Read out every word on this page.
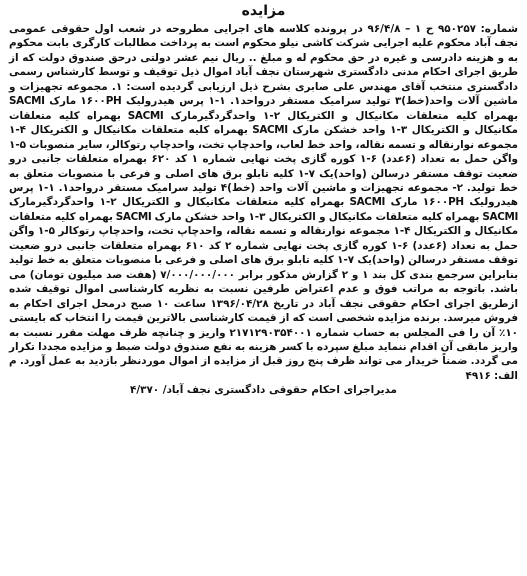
مزایده
شماره: ۹۵۰۲۵۷ ح ۱ – ۹۶/۴/۸ در پرونده کلاسه های اجرایی مطروحه در شعب اول حقوقی عمومی نجف آباد محکوم علیه اجرایی شرکت کاشی نیلو محکوم است به پرداخت مطالبات کارگری بابت محکوم به و هزینه دادرسی و غیره در حق محکوم له و مبلغ .. ریال نیم عشر دولتی درحق صندوق دولت که از طریق اجرای احکام مدنی دادگستری شهرستان نجف آباد اموال ذیل توقیف و توسط کارشناس رسمی دادگستری منتخب آقای مهندس علی صابری بشرح ذیل ارزیابی گردیده است: ۱. مجموعه تجهیزات و ماشین آلات واحد(خط)۳ تولید سرامیک مستقر درواحد۱. ۱-۱ پرس هیدرولیک ۱۶۰۰PH مارک SACMI بهمراه کلیه متعلقات مکانیکال و الکتریکال ۲-۱ واحدگردگیرمارک SACMI بهمراه کلیه متعلقات مکانیکال و الکتریکال ۳-۱ واحد خشکن مارک SACMI بهمراه کلیه متعلقات مکانیکال و الکتریکال ۴-۱ مجموعه نوارنقاله و تسمه نقاله، واحد خط لعاب، واحدچاپ تخت، واحدچاپ رتوکالر، سایر منصوبات ۵-۱ واگن حمل به تعداد (۶عدد) ۶-۱ کوره گازی پخت نهایی شماره ۱ کد ۶۲۰ بهمراه متعلقات جانبی درو ضعیت توقف مستقر درسالن (واحد)یک ۷-۱ کلیه تابلو برق های اصلی و فرعی با منصوبات متعلق به خط تولید. ۲- مجموعه تجهیزات و ماشین آلات واحد (خط)۴ تولید سرامیک مستقر درواحد۱. ۱-۱ پرس هیدرولیک ۱۶۰۰PH مارک SACMI بهمراه کلیه متعلقات مکانیکال و الکتریکال ۲-۱ واحدگردگیرمارک SACMI بهمراه کلیه متعلقات مکانیکال و الکتریکال ۳-۱ واحد خشکن مارک SACMI بهمراه کلیه متعلقات مکانیکال و الکتریکال ۴-۱ مجموعه نوارنقاله و تسمه نقاله، واحدچاپ تخت، واحدچاپ رتوکالر ۵-۱ واگن حمل به تعداد (۶عدد) ۶-۱ کوره گازی پخت نهایی شماره ۲ کد ۶۱۰ بهمراه متعلقات جانبی درو ضعیت توقف مستقر درسالن (واحد)یک ۷-۱ کلیه تابلو برق های اصلی و فرعی با منصوبات متعلق به خط تولید بنابراین سرجمع بندی کل بند ۱ و ۲ گزارش مذکور برابر ۷/۰۰۰/۰۰۰/۰۰۰ (هفت صد میلیون تومان) می باشد. باتوجه به مراتب فوق و عدم اعتراض طرفین نسبت به نظریه کارشناسی اموال توقیف شده ازطریق اجرای احکام حقوقی نجف آباد در تاریخ ۱۳۹۶/۰۴/۲۸ ساعت ۱۰ صبح درمحل اجرای احکام به فروش میرسد. برنده مزایده شخصی است که از قیمت کارشناسی بالاترین قیمت را انتخاب که بایستی ۱۰٪ آن را فی المجلس به حساب شماره ۲۱۷۱۲۹۰۳۵۴۰۰۱ واریز و چنانچه ظرف مهلت مقرر نسبت به واریز مابقی آن اقدام ننماید مبلغ سپرده با کسر هزینه به نفع صندوق دولت ضبط و مزایده مجددا تکرار می گردد. ضمناً خریدار می تواند ظرف پنج روز قبل از مزایده از اموال موردنظر بازدید به عمل آورد. م الف: ۴۹۱۶
مدیراجرای احکام حقوقی دادگستری نجف آباد/ ۴/۳۷۰
